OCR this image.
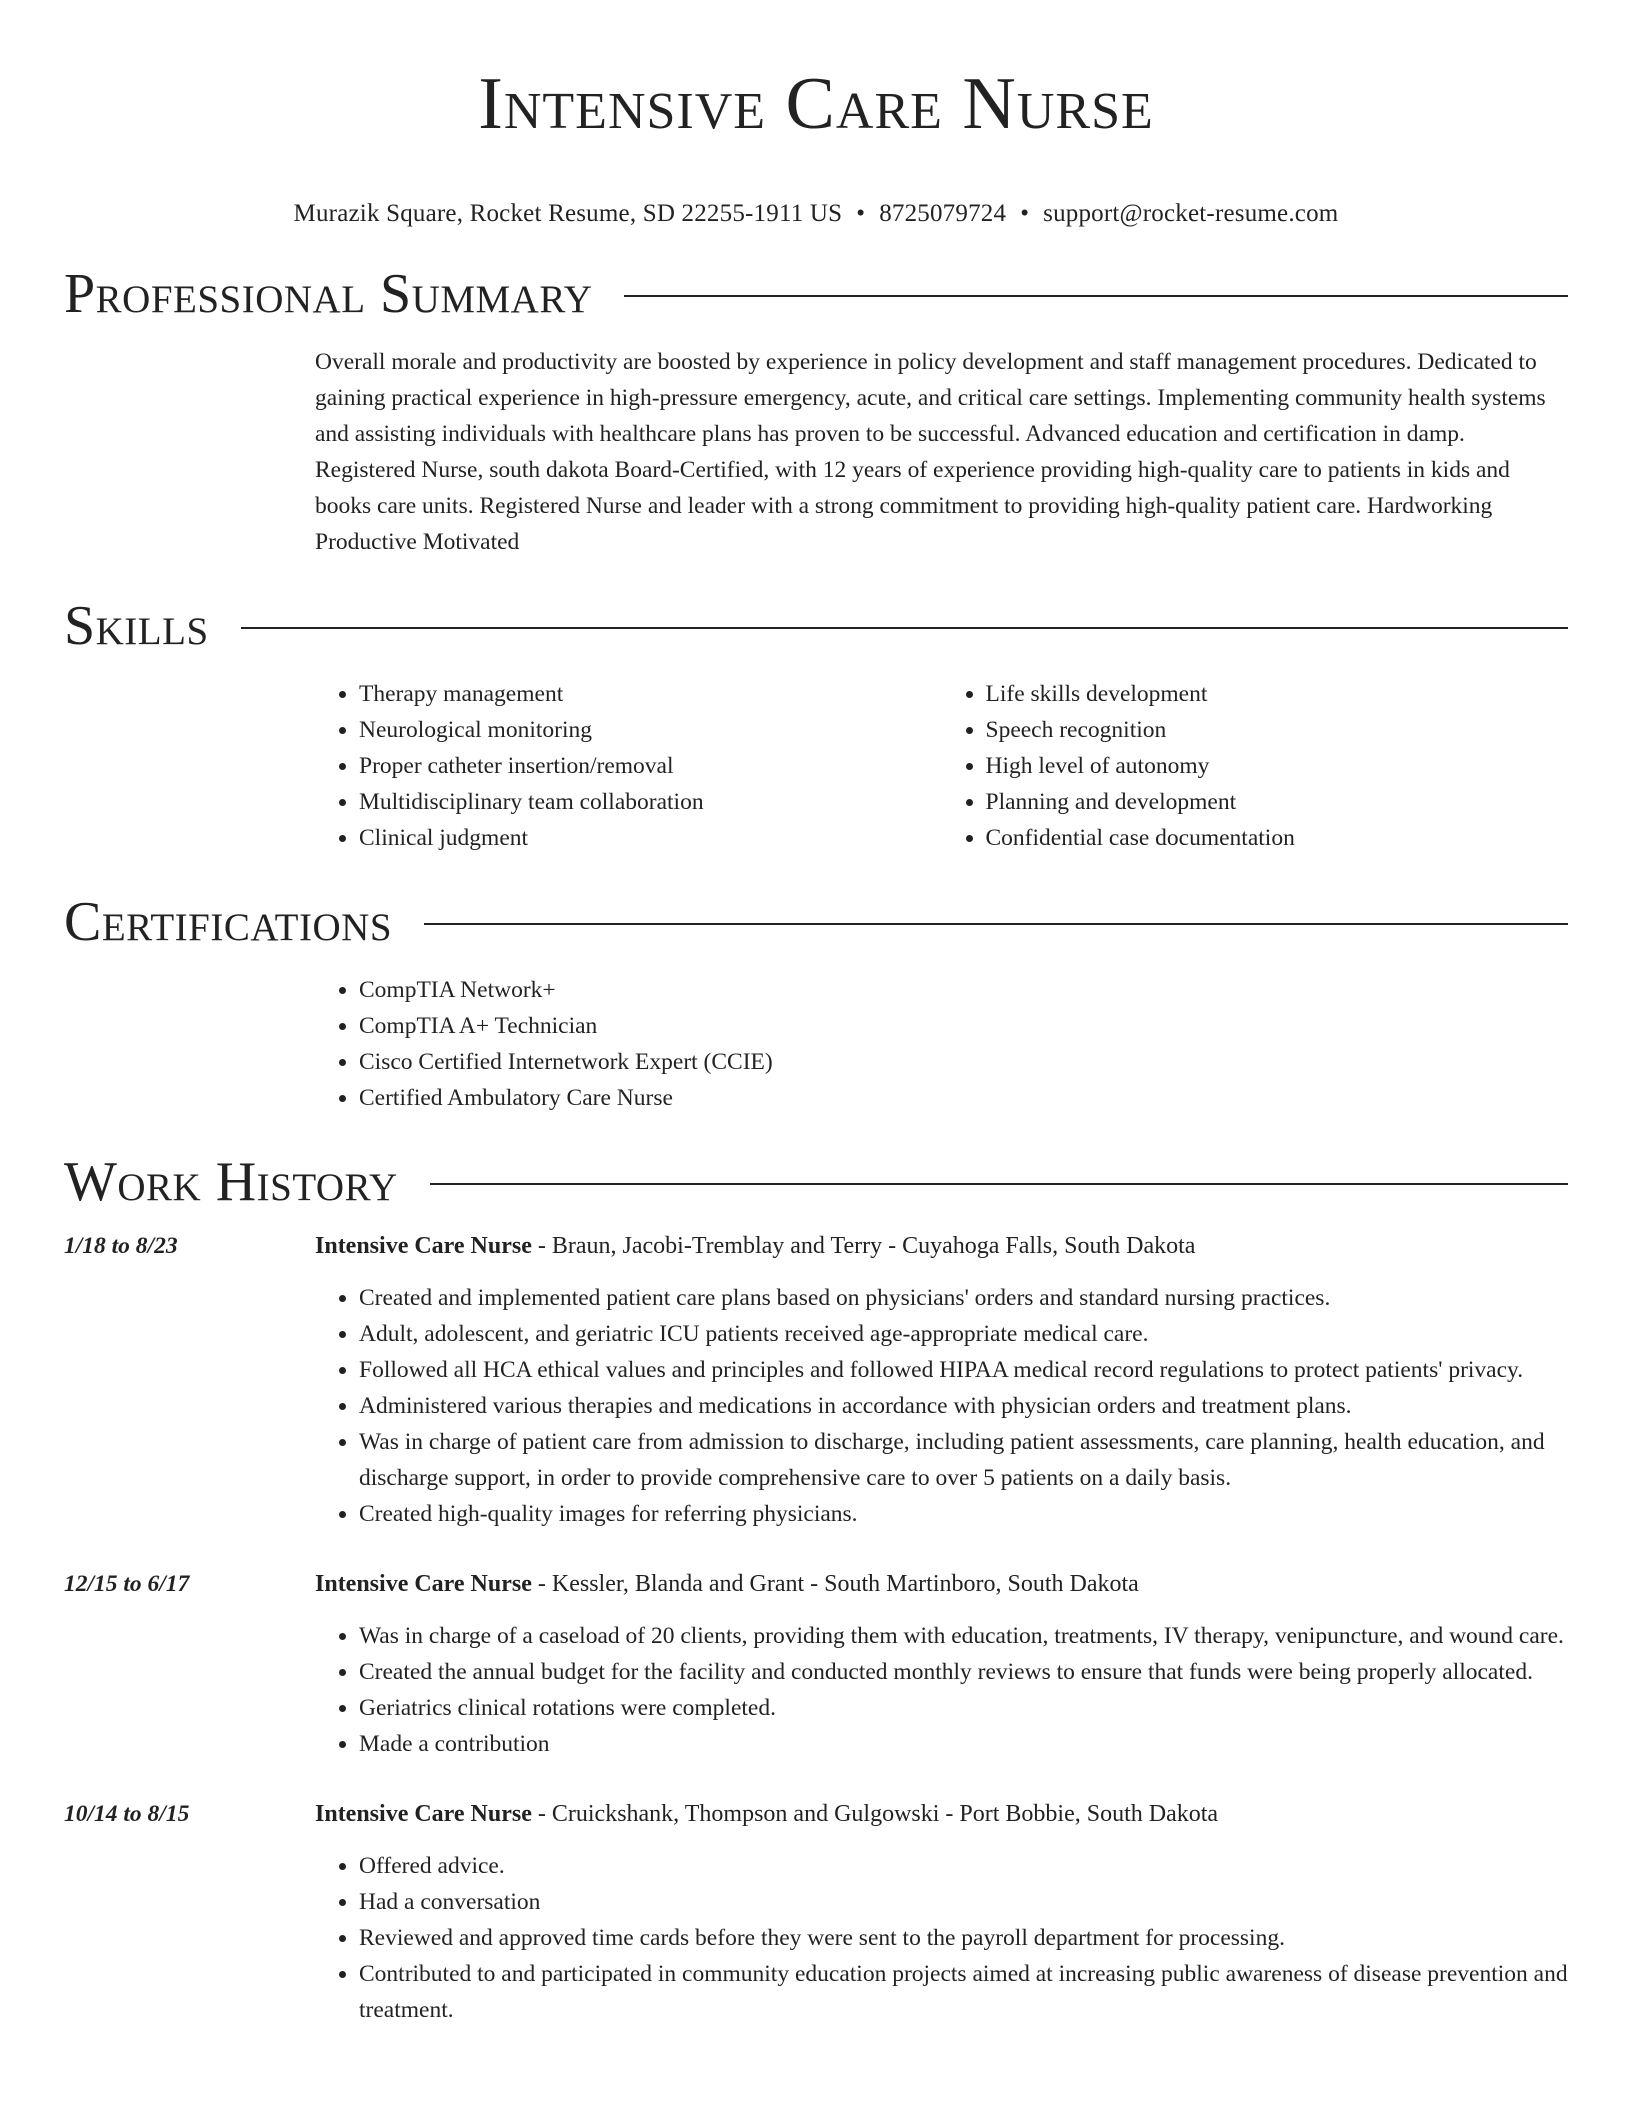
Intensive Care Nurse
Murazik Square, Rocket Resume, SD 22255-1911 US • 8725079724 • support@rocket-resume.com
Professional Summary
Overall morale and productivity are boosted by experience in policy development and staff management procedures. Dedicated to gaining practical experience in high-pressure emergency, acute, and critical care settings. Implementing community health systems and assisting individuals with healthcare plans has proven to be successful. Advanced education and certification in damp. Registered Nurse, south dakota Board-Certified, with 12 years of experience providing high-quality care to patients in kids and books care units. Registered Nurse and leader with a strong commitment to providing high-quality patient care. Hardworking Productive Motivated
Skills
• Therapy management
• Neurological monitoring
• Proper catheter insertion/removal
• Multidisciplinary team collaboration
• Clinical judgment
• Life skills development
• Speech recognition
• High level of autonomy
• Planning and development
• Confidential case documentation
Certifications
• CompTIA Network+
• CompTIA A+ Technician
• Cisco Certified Internetwork Expert (CCIE)
• Certified Ambulatory Care Nurse
Work History
1/18 to 8/23	Intensive Care Nurse - Braun, Jacobi-Tremblay and Terry - Cuyahoga Falls, South Dakota
• Created and implemented patient care plans based on physicians' orders and standard nursing practices.
• Adult, adolescent, and geriatric ICU patients received age-appropriate medical care.
• Followed all HCA ethical values and principles and followed HIPAA medical record regulations to protect patients' privacy.
• Administered various therapies and medications in accordance with physician orders and treatment plans.
• Was in charge of patient care from admission to discharge, including patient assessments, care planning, health education, and discharge support, in order to provide comprehensive care to over 5 patients on a daily basis.
• Created high-quality images for referring physicians.
12/15 to 6/17	Intensive Care Nurse - Kessler, Blanda and Grant - South Martinboro, South Dakota
• Was in charge of a caseload of 20 clients, providing them with education, treatments, IV therapy, venipuncture, and wound care.
• Created the annual budget for the facility and conducted monthly reviews to ensure that funds were being properly allocated.
• Geriatrics clinical rotations were completed.
• Made a contribution
10/14 to 8/15	Intensive Care Nurse - Cruickshank, Thompson and Gulgowski - Port Bobbie, South Dakota
• Offered advice.
• Had a conversation
• Reviewed and approved time cards before they were sent to the payroll department for processing.
• Contributed to and participated in community education projects aimed at increasing public awareness of disease prevention and treatment.
